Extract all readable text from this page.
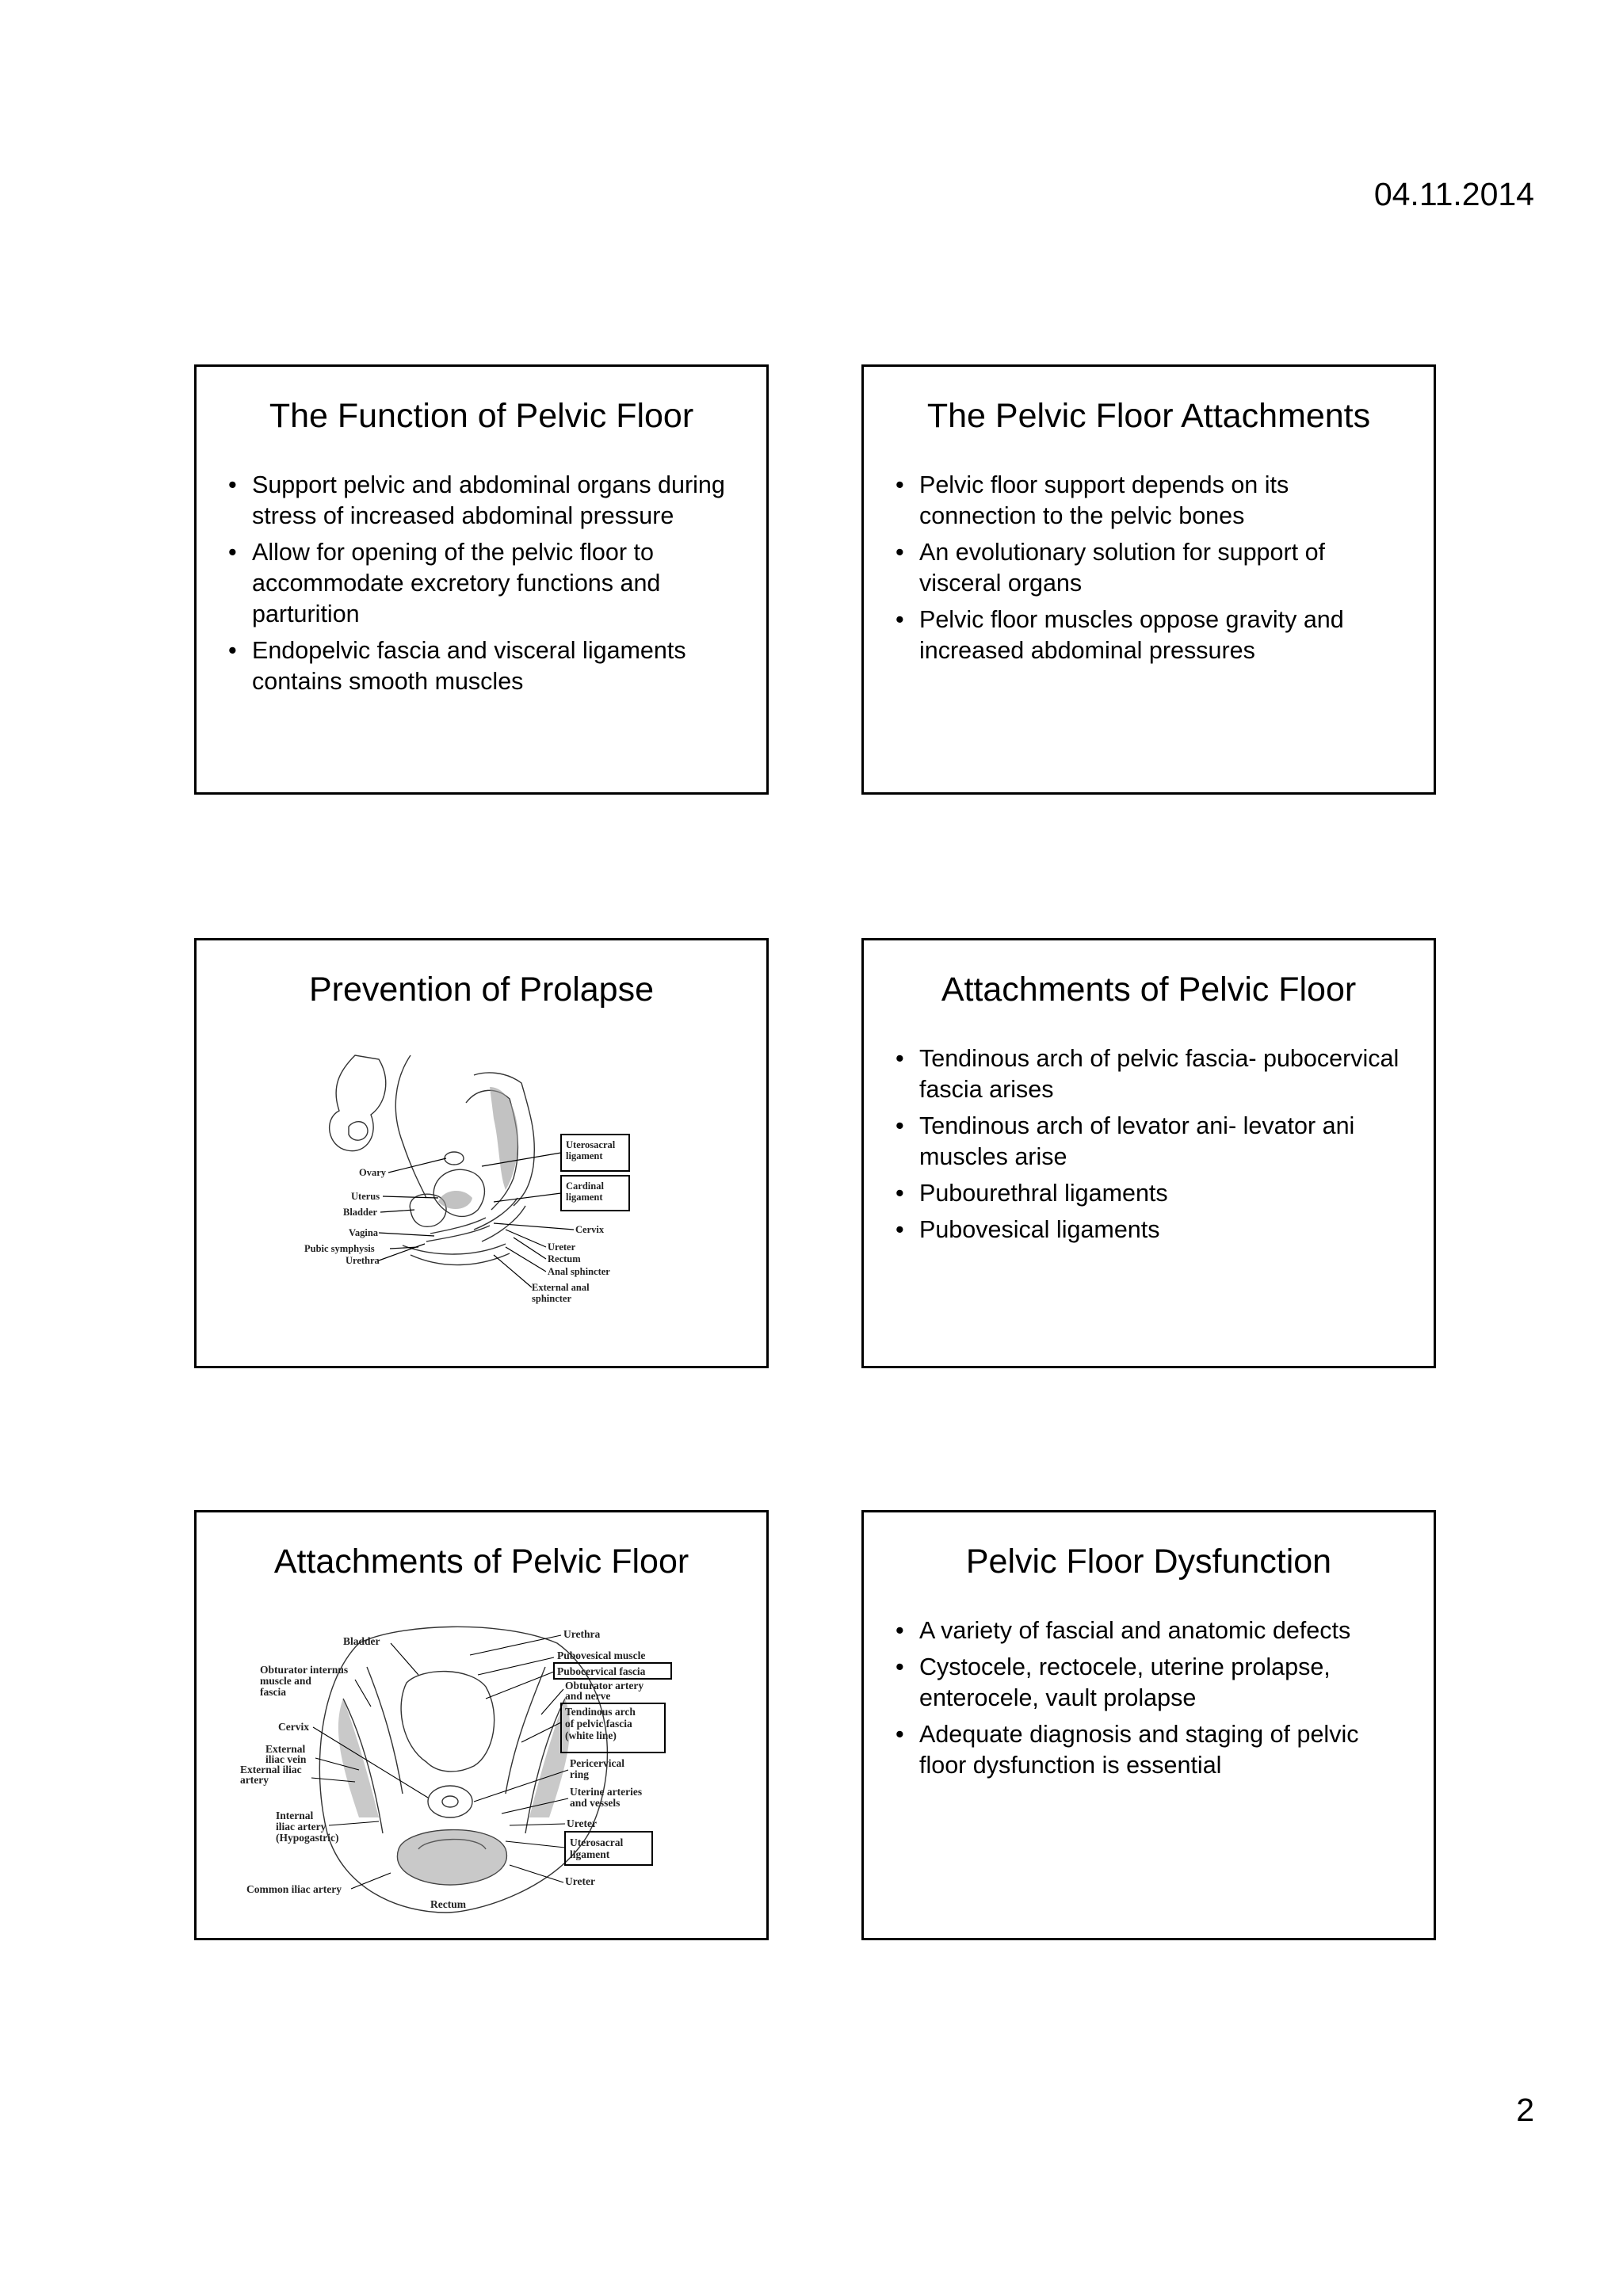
04.11.2014
The Function of Pelvic Floor
• Support pelvic and abdominal organs during stress of increased abdominal pressure
• Allow for opening of the pelvic floor to accommodate excretory functions and parturition
• Endopelvic fascia and visceral ligaments contains smooth muscles
The Pelvic Floor Attachments
• Pelvic floor support depends on its connection to the pelvic bones
• An evolutionary solution for support of visceral organs
• Pelvic floor muscles oppose gravity and increased abdominal pressures
Prevention of Prolapse
Uterosacral
ligament
Cardinal
ligament
Ovary
Uterus
Bladder
Vagina
Pubic symphysis
Urethra
Cervix
Ureter
Rectum
Anal sphincter
External anal
sphincter
Attachments of Pelvic Floor
• Tendinous arch of pelvic fascia- pubocervical fascia arises
• Tendinous arch of levator ani- levator ani muscles arise
• Pubourethral ligaments
• Pubovesical ligaments
Attachments of Pelvic Floor
Bladder
Urethra
Pubovesical muscle
Pubocervical fascia
Obturator internus
muscle and
fascia
Obturator artery
and nerve
Tendinous arch
of pelvic fascia
(white line)
Cervix
Pericervical
ring
External
iliac vein
External iliac
artery
Uterine arteries
and vessels
Ureter
Internal
iliac artery
(Hypogastric)	Uterosacral
ligament
Ureter
Common iliac artery
Rectum
Pelvic Floor Dysfunction
• A variety of fascial and anatomic defects
• Cystocele, rectocele, uterine prolapse, enterocele, vault prolapse
• Adequate diagnosis and staging of pelvic floor dysfunction is essential
2
